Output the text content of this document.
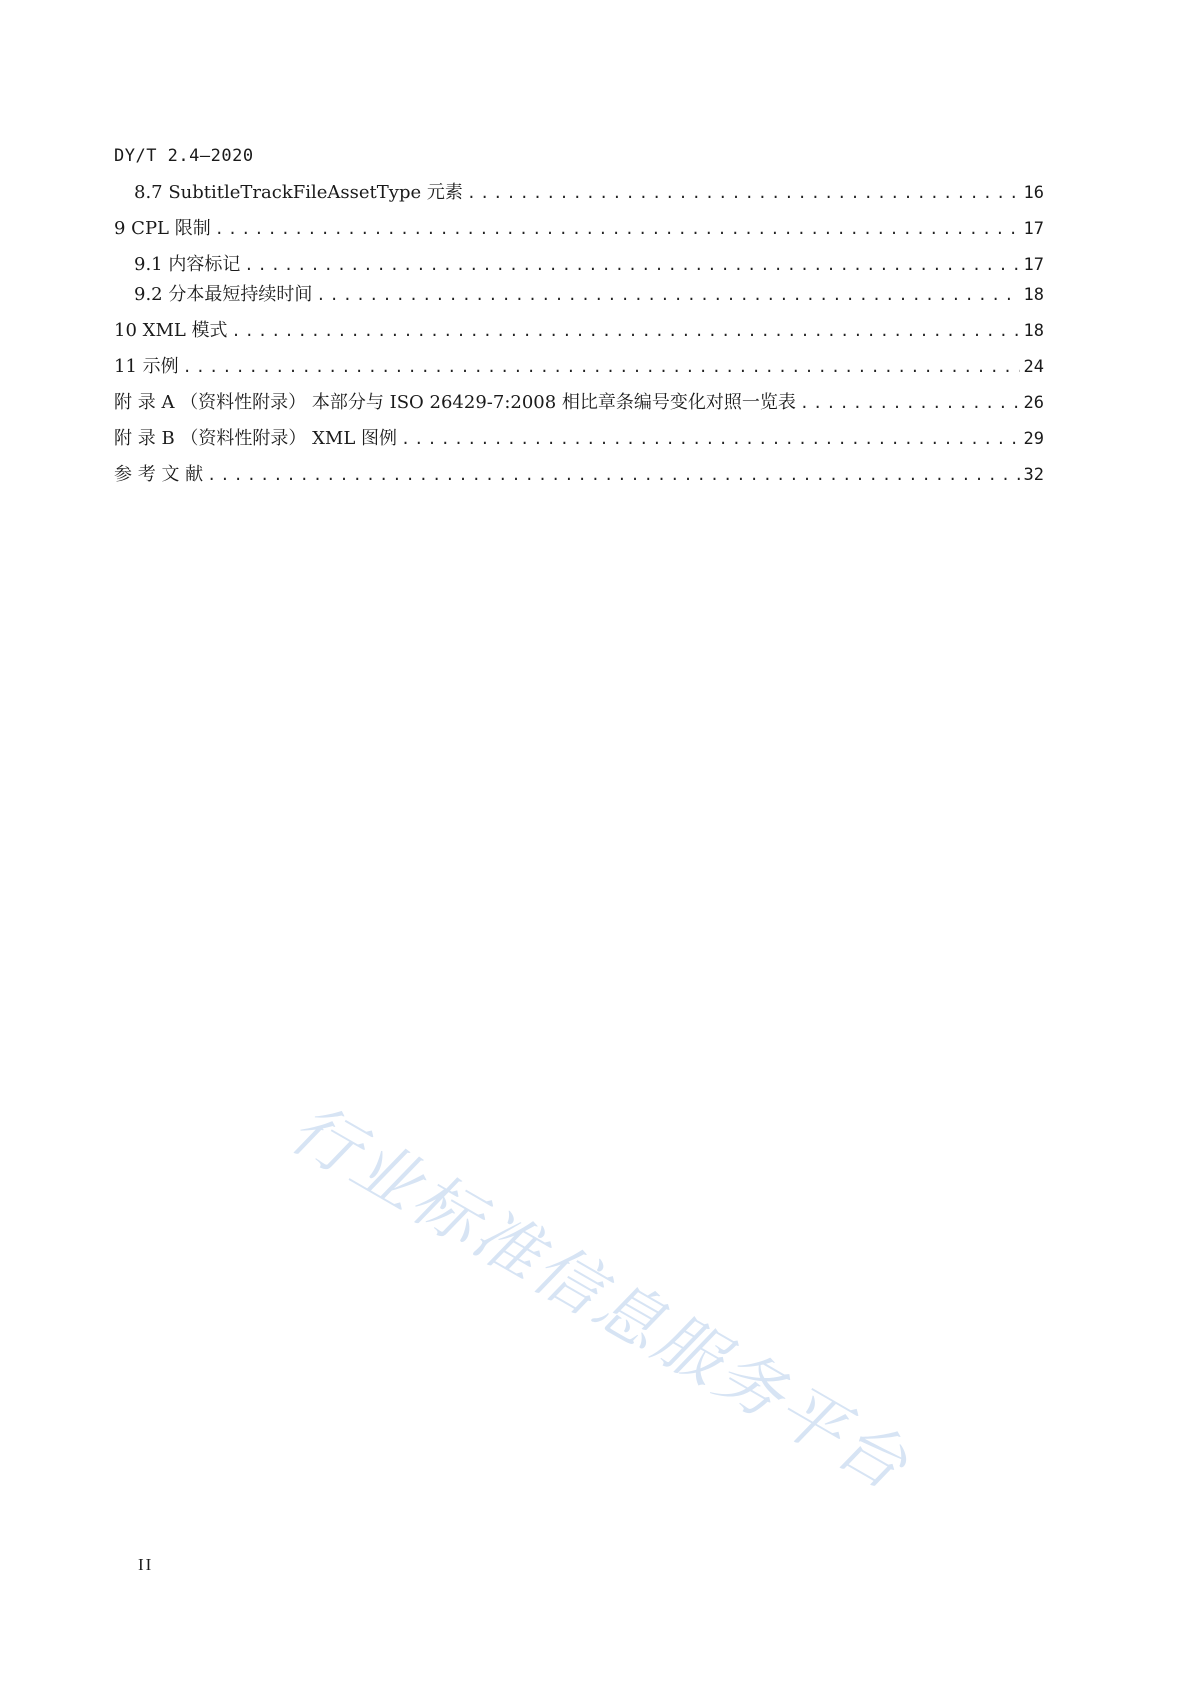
DY/T 2.4—2020
8.7 SubtitleTrackFileAssetType 元素 .....	16
9 CPL 限制 .....	17
9.1 内容标记 .....	17
9.2 分本最短持续时间 .....	18
10 XML 模式 .....	18
11 示例 .....	24
附 录 A （资料性附录） 本部分与 ISO 26429-7:2008 相比章条编号变化对照一览表 .....	26
附 录 B （资料性附录） XML 图例 .....	29
参 考 文 献 .....	32
行业标准信息服务平台
II
